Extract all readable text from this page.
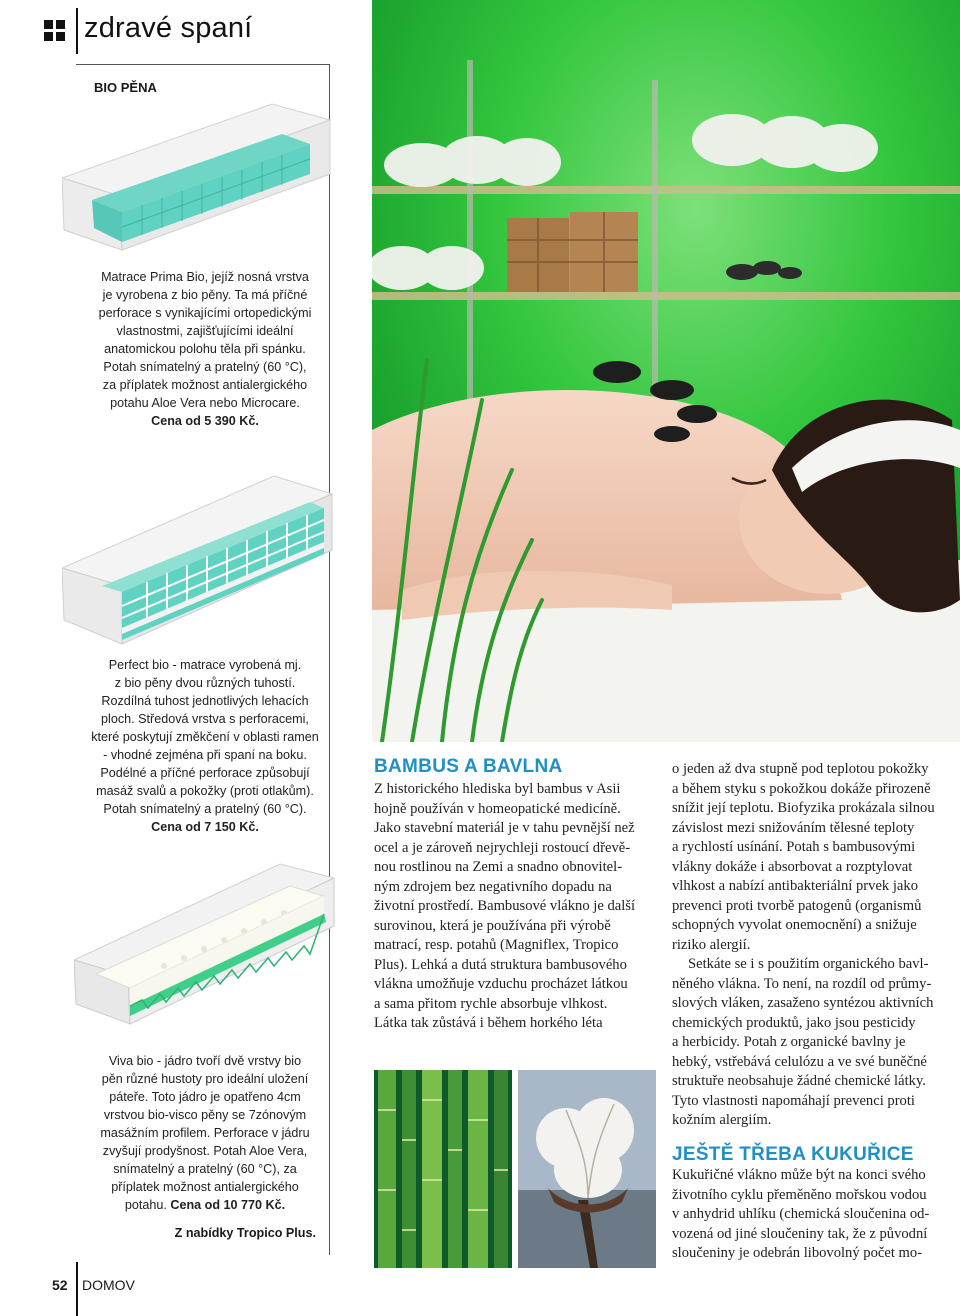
zdravé spaní
BIO PĚNA
Matrace Prima Bio, jejíž nosná vrstva
je vyrobena z bio pěny. Ta má příčné
perforace s vynikajícími ortopedickými
vlastnostmi, zajišťujícími ideální
anatomickou polohu těla při spánku.
Potah snímatelný a pratelný (60 °C),
za příplatek možnost antialergického
potahu Aloe Vera nebo Microcare.
Cena od 5 390 Kč.
Perfect bio - matrace vyrobená mj.
z bio pěny dvou různých tuhostí.
Rozdílná tuhost jednotlivých lehacích
ploch. Středová vrstva s perforacemi,
které poskytují změkčení v oblasti ramen
- vhodné zejména při spaní na boku.
Podélné a příčné perforace způsobují
masáž svalů a pokožky (proti otlakům).
Potah snímatelný a pratelný (60 °C).
Cena od 7 150 Kč.
Viva bio - jádro tvoří dvě vrstvy bio
pěn různé hustoty pro ideální uložení
páteře. Toto jádro je opatřeno 4cm
vrstvou bio-visco pěny se 7zónovým
masážním profilem. Perforace v jádru
zvyšují prodyšnost. Potah Aloe Vera,
snímatelný a pratelný (60 °C), za
příplatek možnost antialergického
potahu. Cena od 10 770 Kč.
Z nabídky Tropico Plus.
BAMBUS A BAVLNA

Z historického hlediska byl bambus v Asii

hojně používán v homeopatické medicíně.

Jako stavební materiál je v tahu pevnější než

ocel a je zároveň nejrychleji rostoucí dřevě-

nou rostlinou na Zemi a snadno obnovitel-

ným zdrojem bez negativního dopadu na

životní prostředí. Bambusové vlákno je další

surovinou, která je používána při výrobě

matrací, resp. potahů (Magniflex, Tropico

Plus). Lehká a dutá struktura bambusového

vlákna umožňuje vzduchu procházet látkou

a sama přitom rychle absorbuje vlhkost.

Látka tak zůstává i během horkého léta

o jeden až dva stupně pod teplotou pokožky

a během styku s pokožkou dokáže přirozeně

snížit její teplotu. Biofyzika prokázala silnou

závislost mezi snižováním tělesné teploty

a rychlostí usínání. Potah s bambusovými

vlákny dokáže i absorbovat a rozptylovat

vlhkost a nabízí antibakteriální prvek jako

prevenci proti tvorbě patogenů (organismů

schopných vyvolat onemocnění) a snižuje

riziko alergií.

Setkáte se i s použitím organického bavl-

něného vlákna. To není, na rozdíl od průmy-

slových vláken, zasaženo syntézou aktivních

chemických produktů, jako jsou pesticidy

a herbicidy. Potah z organické bavlny je

hebký, vstřebává celulózu a ve své buněčné

struktuře neobsahuje žádné chemické látky.

Tyto vlastnosti napomáhají prevenci proti

kožním alergiím.

JEŠTĚ TŘEBA KUKUŘICE

Kukuřičné vlákno může být na konci svého

životního cyklu přeměněno mořskou vodou

v anhydrid uhlíku (chemická sloučenina od-

vozená od jiné sloučeniny tak, že z původní

sloučeniny je odebrán libovolný počet mo-

52 DOMOV
